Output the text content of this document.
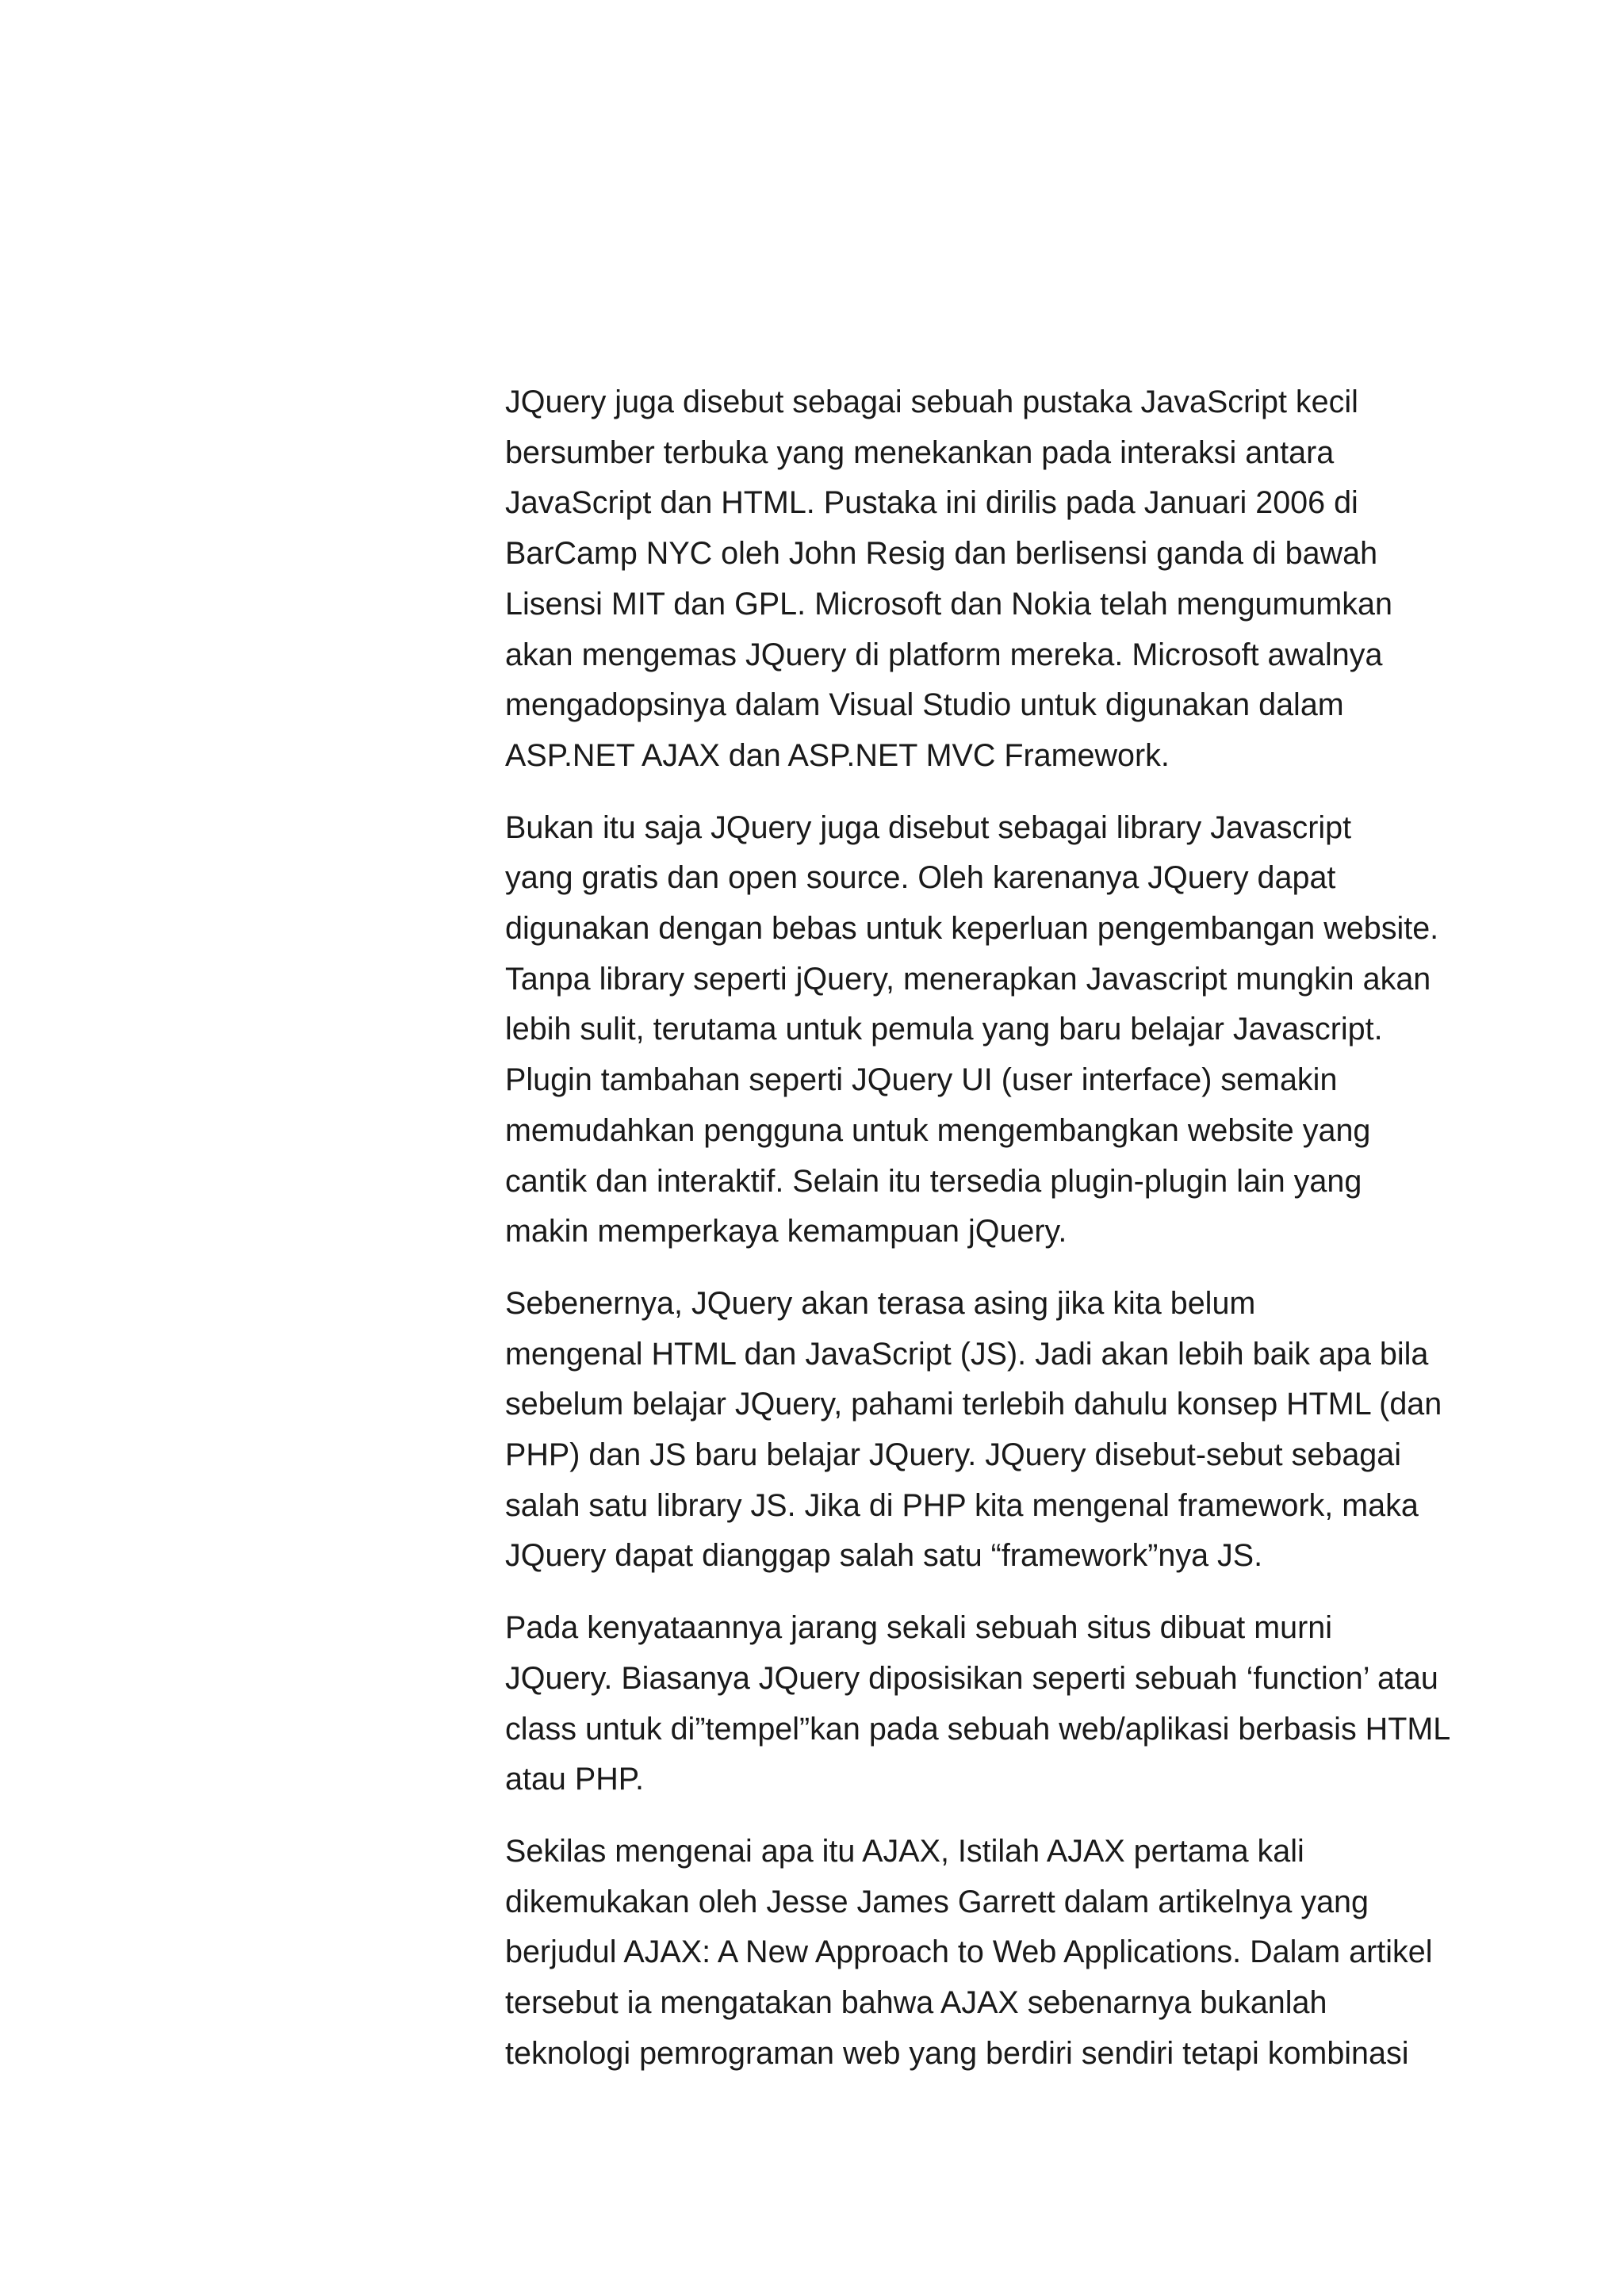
JQuery juga disebut sebagai sebuah pustaka JavaScript kecil
bersumber terbuka yang menekankan pada interaksi antara
JavaScript dan HTML. Pustaka ini dirilis pada Januari 2006 di
BarCamp NYC oleh John Resig dan berlisensi ganda di bawah
Lisensi MIT dan GPL. Microsoft dan Nokia telah mengumumkan
akan mengemas JQuery di platform mereka. Microsoft awalnya
mengadopsinya dalam Visual Studio untuk digunakan dalam
ASP.NET AJAX dan ASP.NET MVC Framework.

Bukan itu saja JQuery juga disebut sebagai library Javascript
yang gratis dan open source. Oleh karenanya JQuery dapat
digunakan dengan bebas untuk keperluan pengembangan website.
Tanpa library seperti jQuery, menerapkan Javascript mungkin akan
lebih sulit, terutama untuk pemula yang baru belajar Javascript.
Plugin tambahan seperti JQuery UI (user interface) semakin
memudahkan pengguna untuk mengembangkan website yang
cantik dan interaktif. Selain itu tersedia plugin-plugin lain yang
makin memperkaya kemampuan jQuery.

Sebenernya, JQuery akan terasa asing jika kita belum
mengenal HTML dan JavaScript (JS). Jadi akan lebih baik apa bila
sebelum belajar JQuery, pahami terlebih dahulu konsep HTML (dan
PHP) dan JS baru belajar JQuery. JQuery disebut-sebut sebagai
salah satu library JS. Jika di PHP kita mengenal framework, maka
JQuery dapat dianggap salah satu “framework”nya JS.

Pada kenyataannya jarang sekali sebuah situs dibuat murni
JQuery. Biasanya JQuery diposisikan seperti sebuah ‘function’ atau
class untuk di”tempel”kan pada sebuah web/aplikasi berbasis HTML
atau PHP.

Sekilas mengenai apa itu AJAX, Istilah AJAX pertama kali
dikemukakan oleh Jesse James Garrett dalam artikelnya yang
berjudul AJAX: A New Approach to Web Applications. Dalam artikel
tersebut ia mengatakan bahwa AJAX sebenarnya bukanlah
teknologi pemrograman web yang berdiri sendiri tetapi kombinasi
